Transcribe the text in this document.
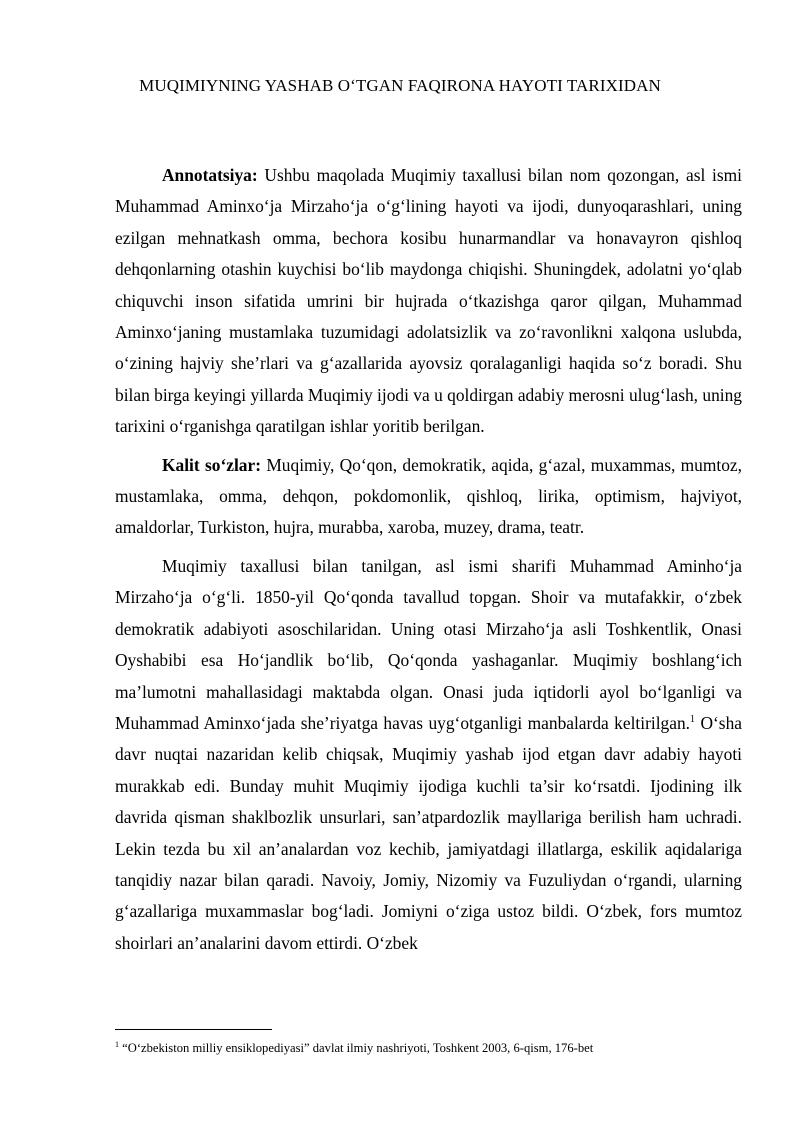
MUQIMIYNING YASHAB O‘TGAN FAQIRONA HAYOTI TARIXIDAN

Annotatsiya: Ushbu maqolada Muqimiy taxallusi bilan nom qozongan, asl ismi Muhammad Aminxo‘ja Mirzaho‘ja o‘g‘lining hayoti va ijodi, dunyoqarashlari, uning ezilgan mehnatkash omma, bechora kosibu hunarmandlar va honavayron qishloq dehqonlarning otashin kuychisi bo‘lib maydonga chiqishi. Shuningdek, adolatni yo‘qlab chiquvchi inson sifatida umrini bir hujrada o‘tkazishga qaror qilgan, Muhammad Aminxo‘janing mustamlaka tuzumidagi adolatsizlik va zo‘ravonlikni xalqona uslubda, o‘zining hajviy she’rlari va g‘azallarida ayovsiz qoralaganligi haqida so‘z boradi. Shu bilan birga keyingi yillarda Muqimiy ijodi va u qoldirgan adabiy merosni ulug‘lash, uning tarixini o‘rganishga qaratilgan ishlar yoritib berilgan.

Kalit so‘zlar: Muqimiy, Qo‘qon, demokratik, aqida, g‘azal, muxammas, mumtoz, mustamlaka, omma, dehqon, pokdomonlik, qishloq, lirika, optimism, hajviyot, amaldorlar, Turkiston, hujra, murabba, xaroba, muzey, drama, teatr.

Muqimiy taxallusi bilan tanilgan, asl ismi sharifi Muhammad Aminho‘ja Mirzaho‘ja o‘g‘li. 1850-yil Qo‘qonda tavallud topgan. Shoir va mutafakkir, o‘zbek demokratik adabiyoti asoschilaridan. Uning otasi Mirzaho‘ja asli Toshkentlik, Onasi Oyshabibi esa Ho‘jandlik bo‘lib, Qo‘qonda yashaganlar. Muqimiy boshlang‘ich ma’lumotni mahallasidagi maktabda olgan. Onasi juda iqtidorli ayol bo‘lganligi va Muhammad Aminxo‘jada she’riyatga havas uyg‘otganligi manbalarda keltirilgan.$^1$ O‘sha davr nuqtai nazaridan kelib chiqsak, Muqimiy yashab ijod etgan davr adabiy hayoti murakkab edi. Bunday muhit Muqimiy ijodiga kuchli ta’sir ko‘rsatdi. Ijodining ilk davrida qisman shaklbozlik unsurlari, san’atpardozlik mayllariga berilish ham uchradi. Lekin tezda bu xil an’analardan voz kechib, jamiyatdagi illatlarga, eskilik aqidalariga tanqidiy nazar bilan qaradi. Navoiy, Jomiy, Nizomiy va Fuzuliydan o‘rgandi, ularning g‘azallariga muxammaslar bog‘ladi. Jomiyni o‘ziga ustoz bildi. O‘zbek, fors mumtoz shoirlari an’analarini davom ettirdi. O‘zbek

$^1$ “O‘zbekiston milliy ensiklopediyasi” davlat ilmiy nashriyoti, Toshkent 2003, 6-qism, 176-bet
